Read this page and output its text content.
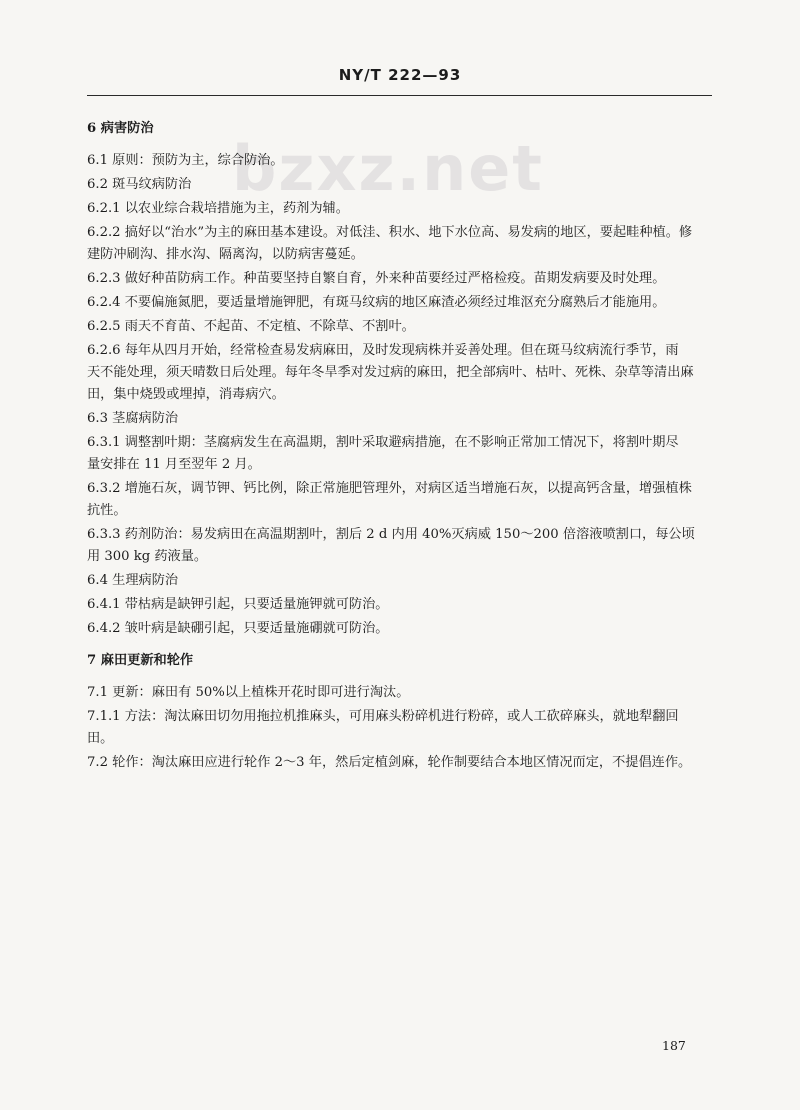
bzxz.net
NY/T 222—93
6 病害防治
6.1 原则：预防为主，综合防治。
6.2 斑马纹病防治
6.2.1 以农业综合栽培措施为主，药剂为辅。
6.2.2 搞好以“治水”为主的麻田基本建设。对低洼、积水、地下水位高、易发病的地区，要起畦种植。修
建防冲刷沟、排水沟、隔离沟，以防病害蔓延。
6.2.3 做好种苗防病工作。种苗要坚持自繁自育，外来种苗要经过严格检疫。苗期发病要及时处理。
6.2.4 不要偏施氮肥，要适量增施钾肥，有斑马纹病的地区麻渣必须经过堆沤充分腐熟后才能施用。
6.2.5 雨天不育苗、不起苗、不定植、不除草、不割叶。
6.2.6 每年从四月开始，经常检查易发病麻田，及时发现病株并妥善处理。但在斑马纹病流行季节，雨
天不能处理，须天晴数日后处理。每年冬旱季对发过病的麻田，把全部病叶、枯叶、死株、杂草等清出麻
田，集中烧毁或埋掉，消毒病穴。
6.3 茎腐病防治
6.3.1 调整割叶期：茎腐病发生在高温期，割叶采取避病措施，在不影响正常加工情况下，将割叶期尽
量安排在 11 月至翌年 2 月。
6.3.2 增施石灰，调节钾、钙比例，除正常施肥管理外，对病区适当增施石灰，以提高钙含量，增强植株
抗性。
6.3.3 药剂防治：易发病田在高温期割叶，割后 2 d 内用 40%灭病威 150～200 倍溶液喷割口，每公顷
用 300 kg 药液量。
6.4 生理病防治
6.4.1 带枯病是缺钾引起，只要适量施钾就可防治。
6.4.2 皱叶病是缺硼引起，只要适量施硼就可防治。
7 麻田更新和轮作
7.1 更新：麻田有 50%以上植株开花时即可进行淘汰。
7.1.1 方法：淘汰麻田切勿用拖拉机推麻头，可用麻头粉碎机进行粉碎，或人工砍碎麻头，就地犁翻回
田。
7.2 轮作：淘汰麻田应进行轮作 2～3 年，然后定植剑麻，轮作制要结合本地区情况而定，不提倡连作。
187
